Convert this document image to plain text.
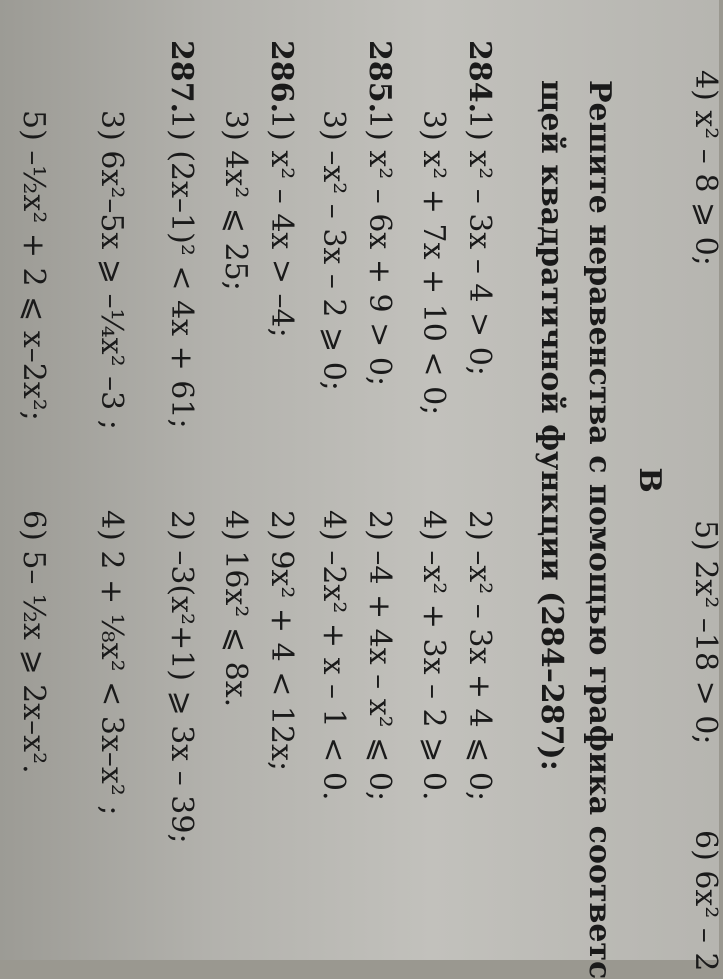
4) x² – 8 ⩾ 0;
5) 2x² –18 > 0;
6) 6x² – 2
B
Решите неравенства с помощью графика соответс
щей квадратичной функции (284–287):
284.
1) x² – 3x – 4 > 0;
2) –x² – 3x + 4 ⩽ 0;
3) x² + 7x + 10 < 0;
4) –x² + 3x – 2 ⩾ 0.
285.
1) x² – 6x + 9 > 0;
2) –4 + 4x – x² ⩽ 0;
3) –x² – 3x – 2 ⩾ 0;
4) –2x² + x – 1 < 0.
286.
1) x² – 4x > –4;
2) 9x² + 4 < 12x;
3) 4x² ⩽ 25;
4) 16x² ⩽ 8x.
287.
1) (2x–1)² < 4x + 61;
2) –3(x²+1) ⩾ 3x – 39;
3) 6x²–5x ⩾ –¼x² –3 ;
4) 2 + ⅛x² < 3x–x² ;
5) –½x² + 2 ⩽ x–2x²;
6) 5– ½x ⩾ 2x–x².
